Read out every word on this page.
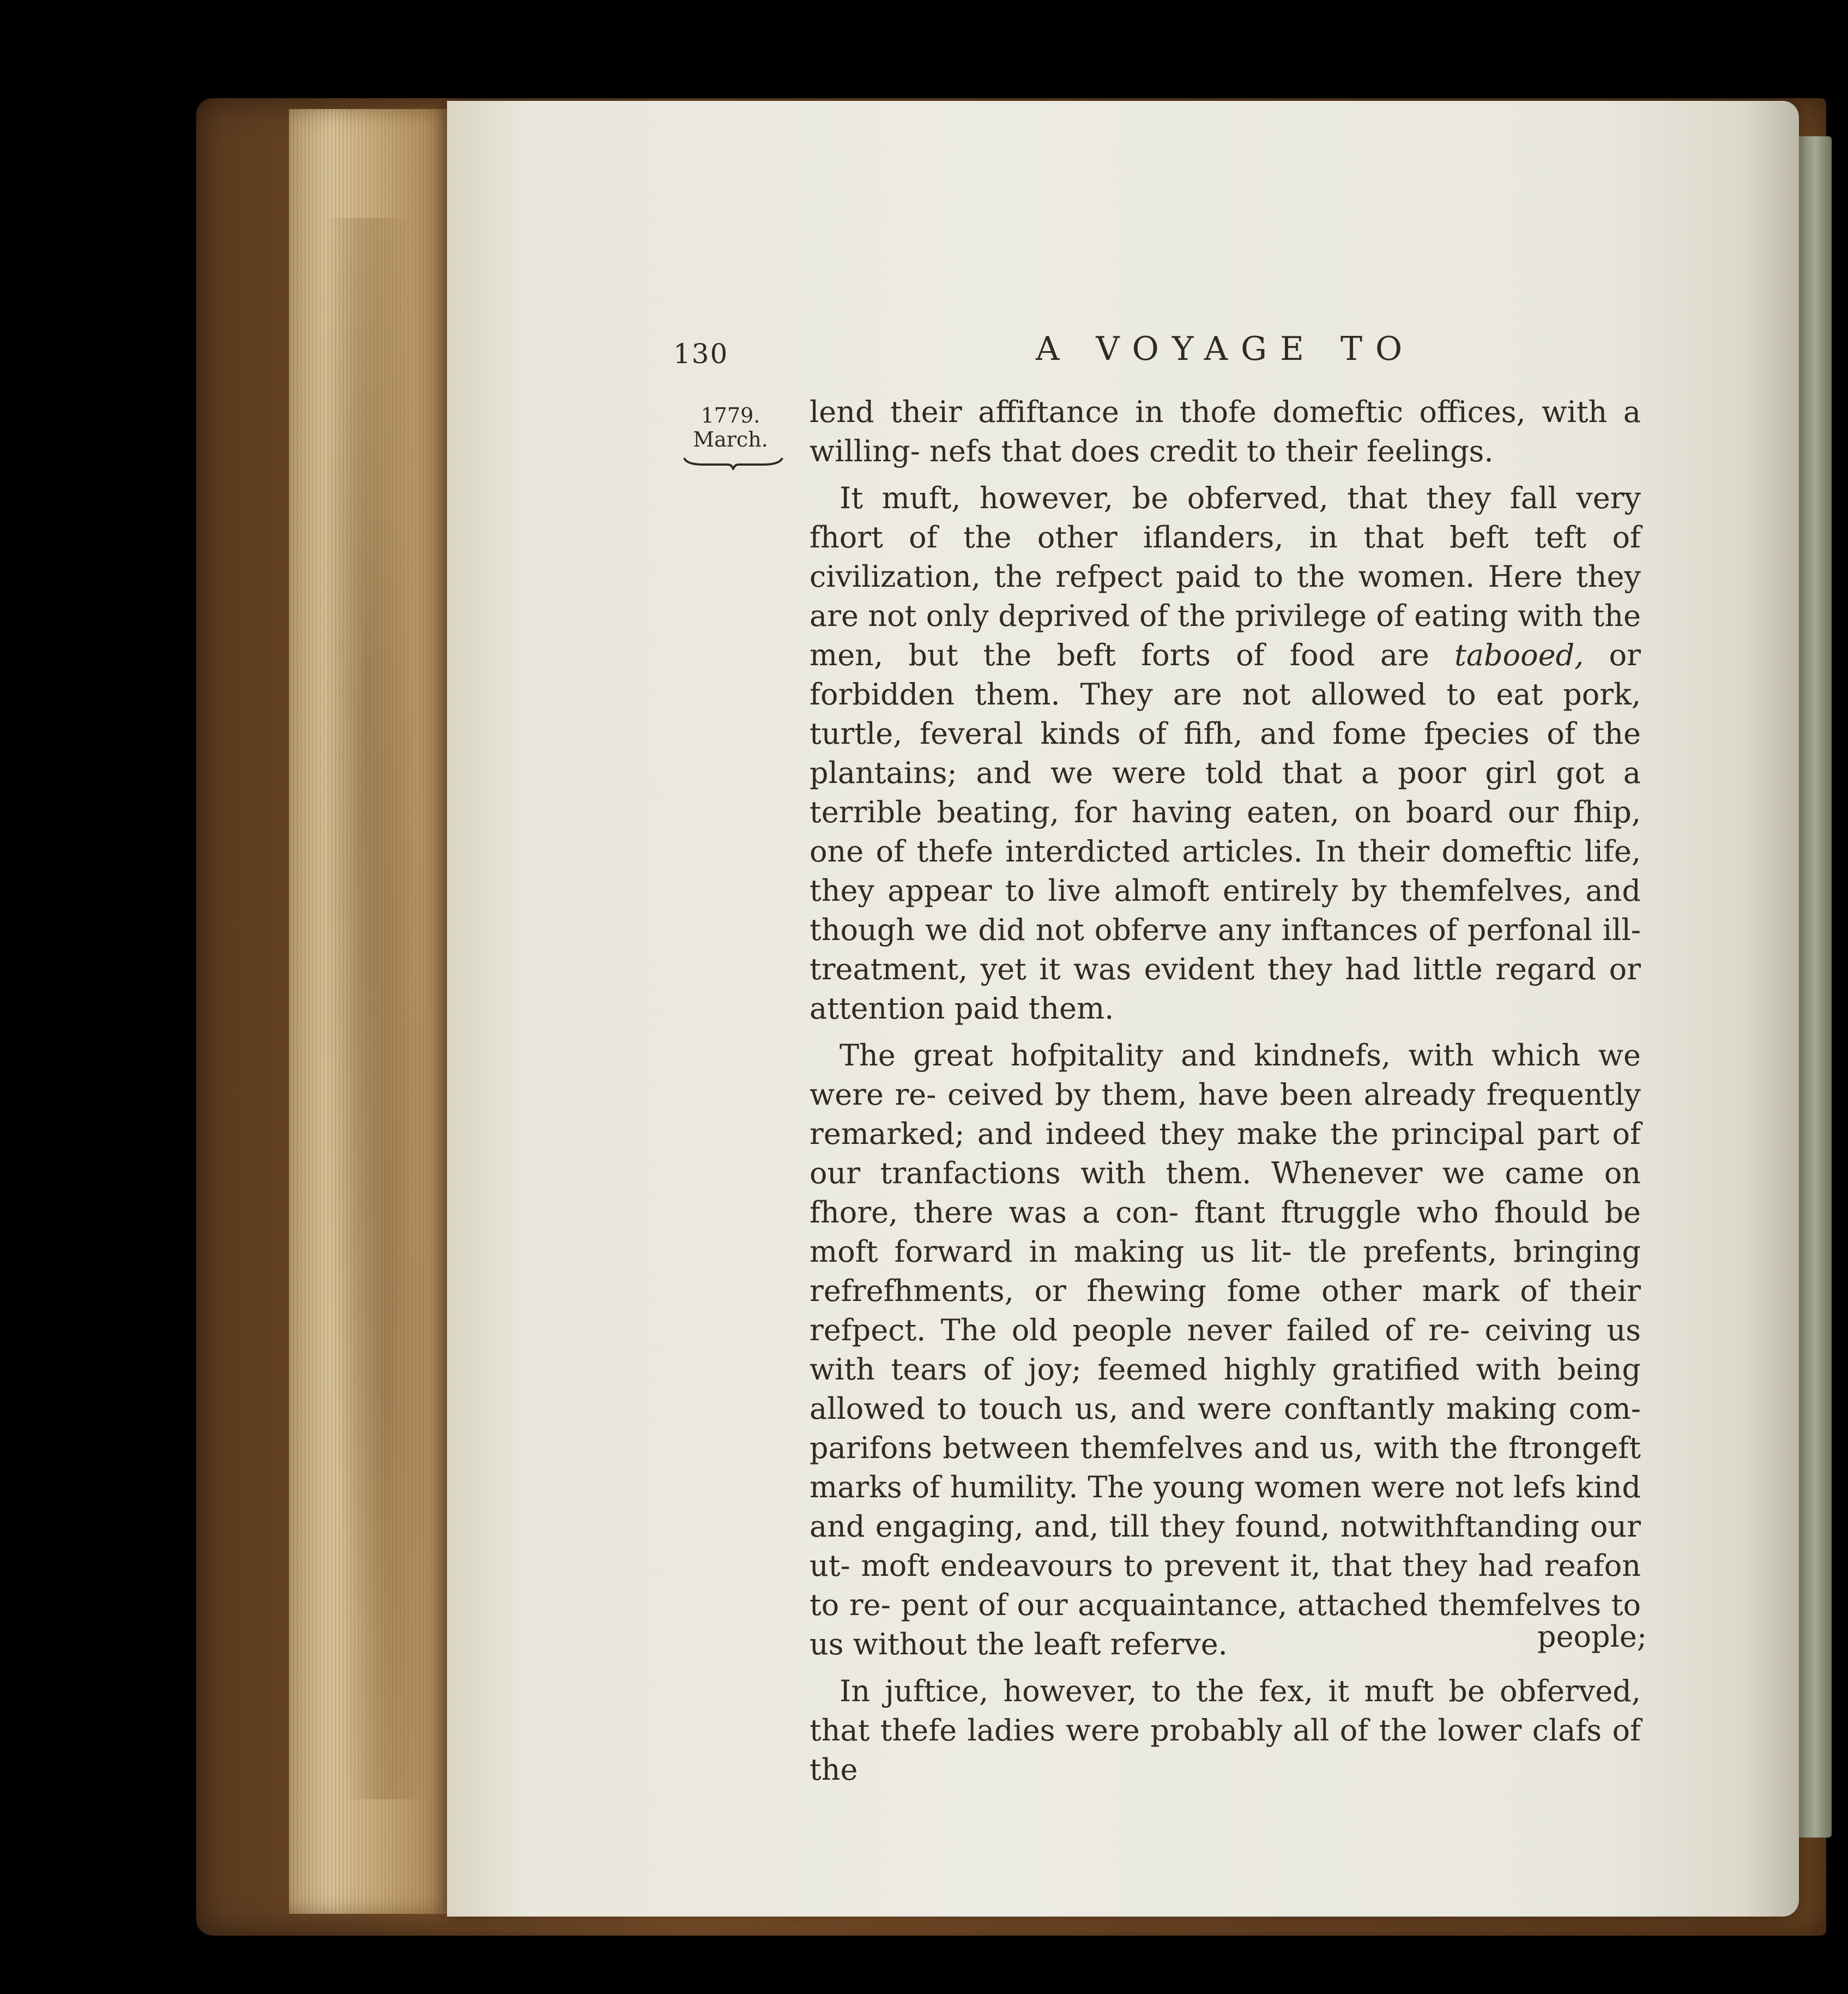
130	A VOYAGE TO
1779.
March.

lend their affiftance in thofe domeftic offices, with a willing- nefs that does credit to their feelings.

It muft, however, be obferved, that they fall very fhort of the other iflanders, in that beft teft of civilization, the refpect paid to the women. Here they are not only deprived of the privilege of eating with the men, but the beft forts of food are tabooed, or forbidden them. They are not allowed to eat pork, turtle, feveral kinds of fifh, and fome fpecies of the plantains; and we were told that a poor girl got a terrible beating, for having eaten, on board our fhip, one of thefe interdicted articles. In their domeftic life, they appear to live almoft entirely by themfelves, and though we did not obferve any inftances of perfonal ill-treatment, yet it was evident they had little regard or attention paid them.

The great hofpitality and kindnefs, with which we were re- ceived by them, have been already frequently remarked; and indeed they make the principal part of our tranfactions with them. Whenever we came on fhore, there was a con- ftant ftruggle who fhould be moft forward in making us lit- tle prefents, bringing refrefhments, or fhewing fome other mark of their refpect. The old people never failed of re- ceiving us with tears of joy; feemed highly gratified with being allowed to touch us, and were conftantly making com- parifons between themfelves and us, with the ftrongeft marks of humility. The young women were not lefs kind and engaging, and, till they found, notwithftanding our ut- moft endeavours to prevent it, that they had reafon to re- pent of our acquaintance, attached themfelves to us without the leaft referve.

In juftice, however, to the fex, it muft be obferved, that thefe ladies were probably all of the lower clafs of the

people;
